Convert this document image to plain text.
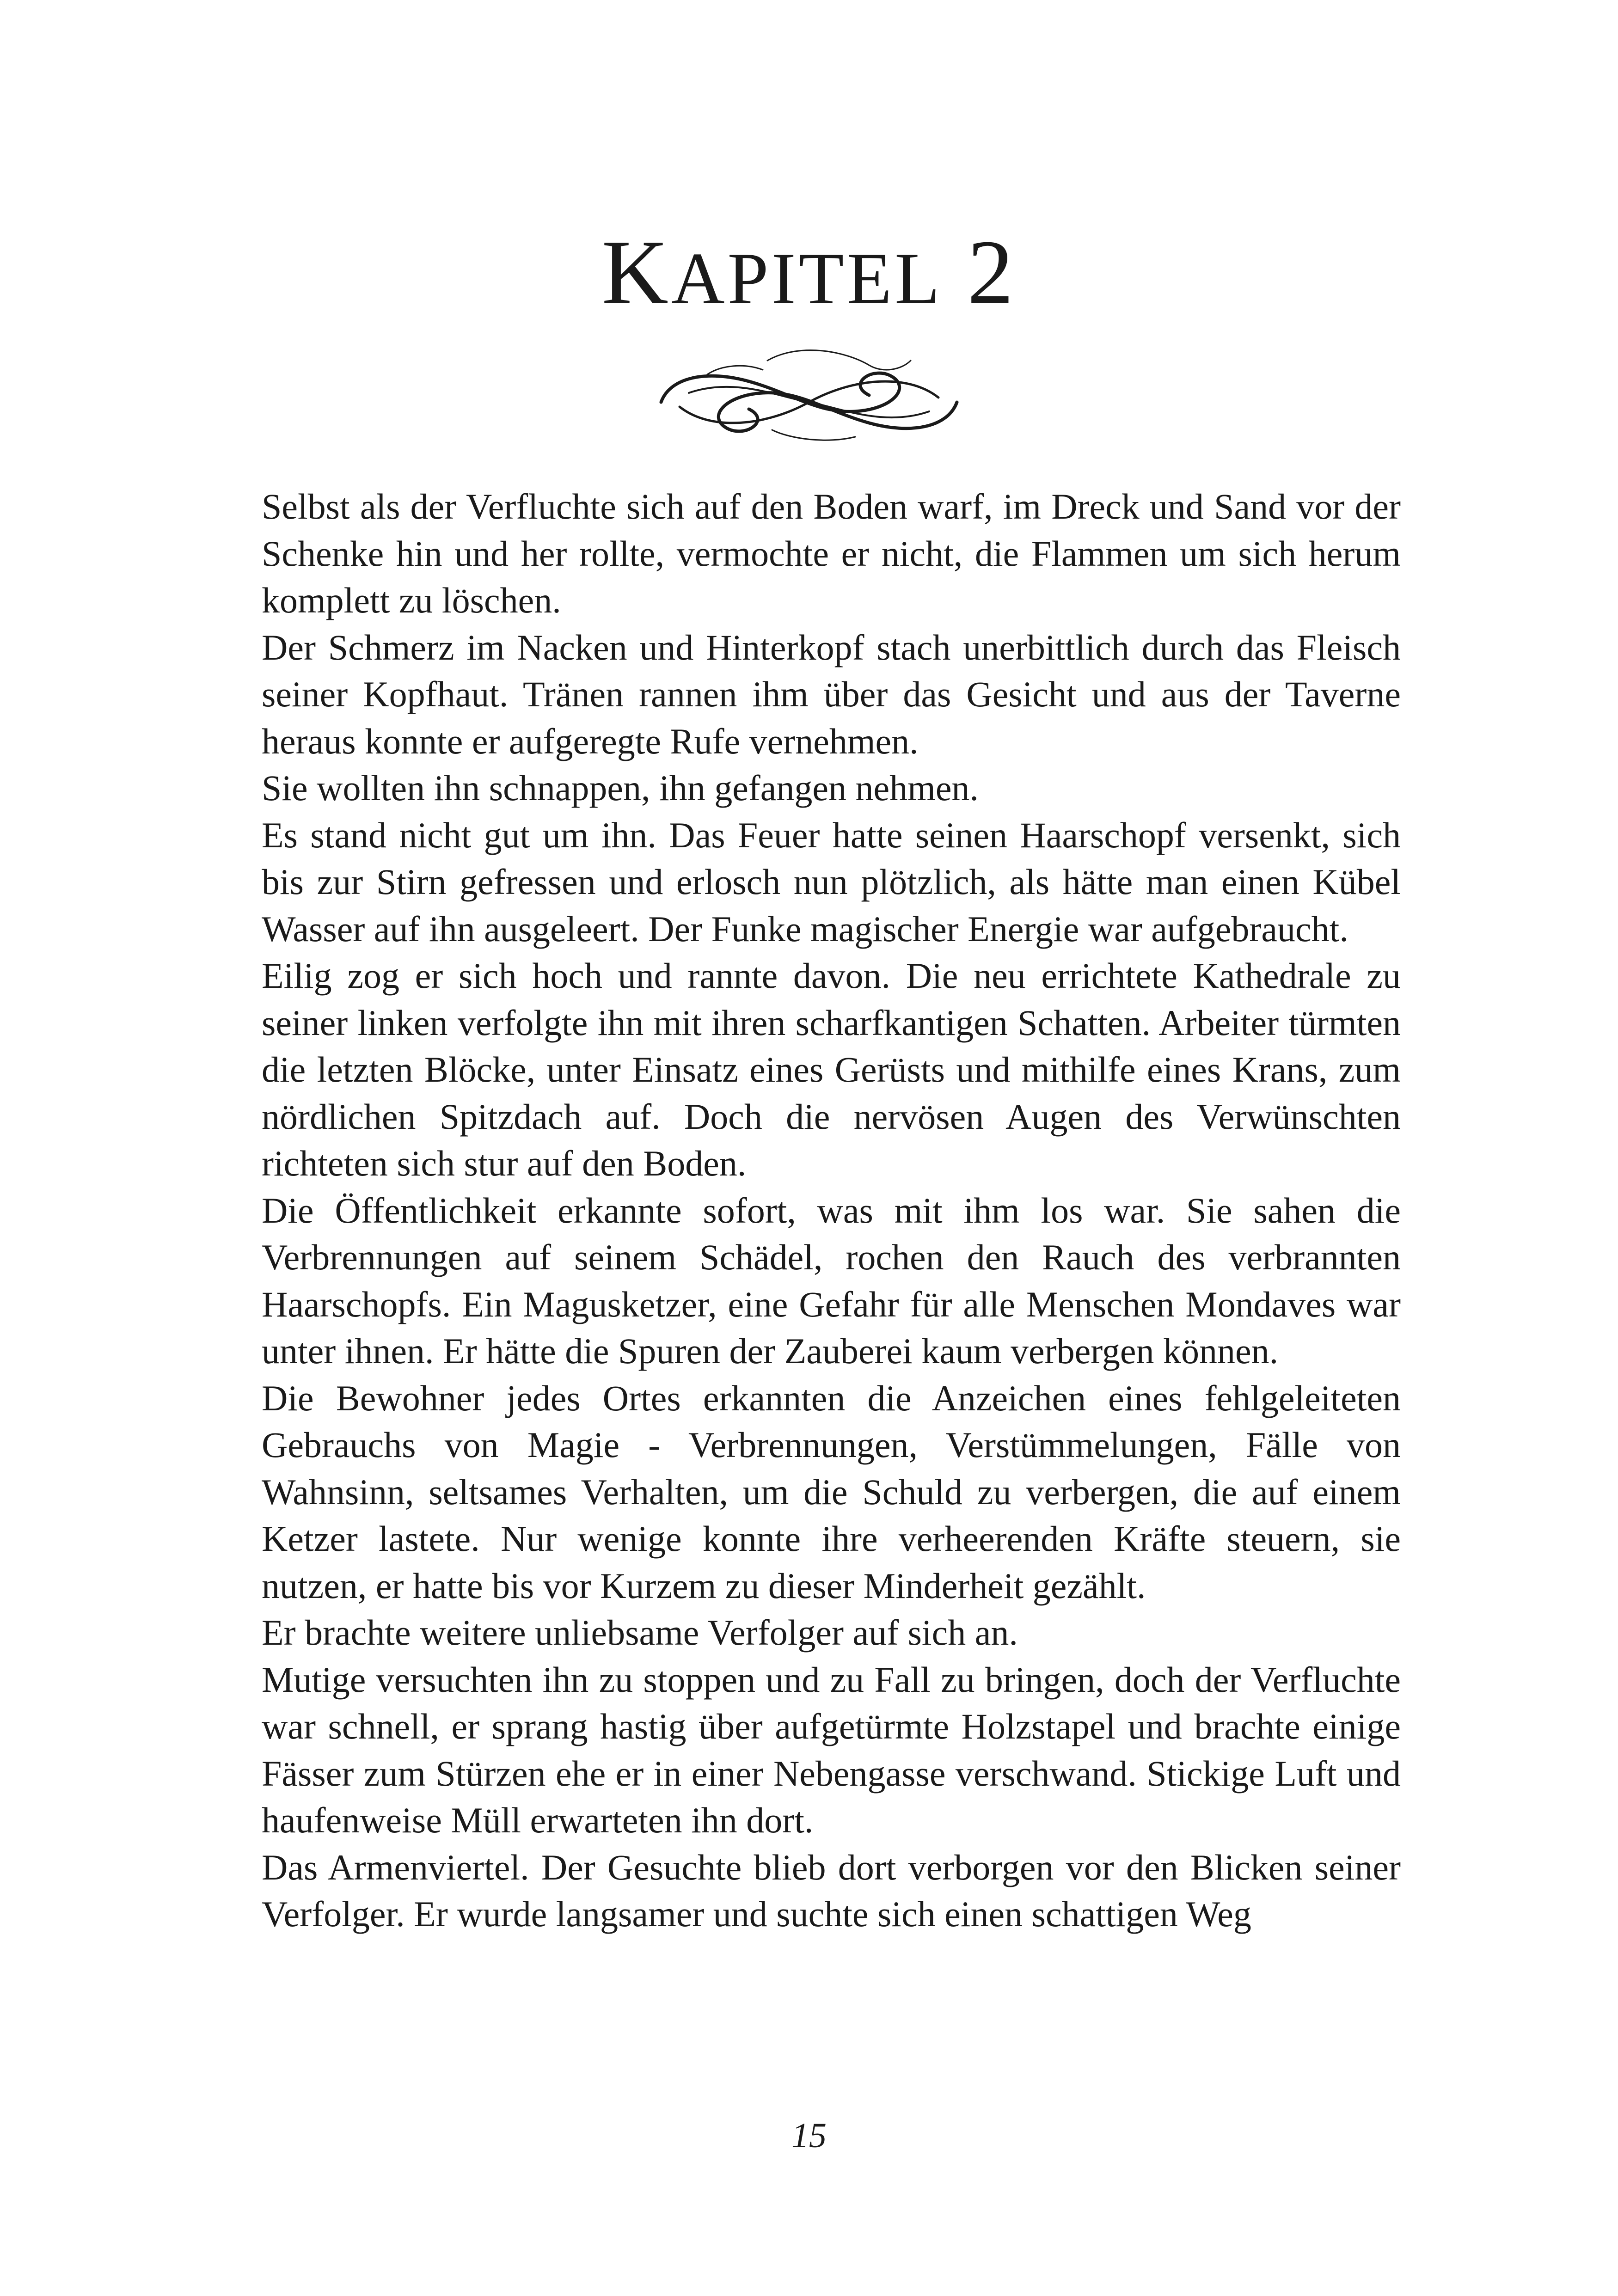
KAPITEL 2

Selbst als der Verfluchte sich auf den Boden warf, im Dreck und Sand vor der Schenke hin und her rollte, vermochte er nicht, die Flammen um sich herum komplett zu löschen.

Der Schmerz im Nacken und Hinterkopf stach unerbittlich durch das Fleisch seiner Kopfhaut. Tränen rannen ihm über das Gesicht und aus der Taverne heraus konnte er aufgeregte Rufe vernehmen.

Sie wollten ihn schnappen, ihn gefangen nehmen.

Es stand nicht gut um ihn. Das Feuer hatte seinen Haarschopf versenkt, sich bis zur Stirn gefressen und erlosch nun plötzlich, als hätte man einen Kübel Wasser auf ihn ausgeleert. Der Funke magischer Energie war aufgebraucht.

Eilig zog er sich hoch und rannte davon. Die neu errichtete Kathedrale zu seiner linken verfolgte ihn mit ihren scharfkantigen Schatten. Arbeiter türmten die letzten Blöcke, unter Einsatz eines Gerüsts und mithilfe eines Krans, zum nördlichen Spitzdach auf. Doch die nervösen Augen des Verwünschten richteten sich stur auf den Boden.

Die Öffentlichkeit erkannte sofort, was mit ihm los war. Sie sahen die Verbrennungen auf seinem Schädel, rochen den Rauch des verbrannten Haarschopfs. Ein Magusketzer, eine Gefahr für alle Menschen Mondaves war unter ihnen. Er hätte die Spuren der Zauberei kaum verbergen können.

Die Bewohner jedes Ortes erkannten die Anzeichen eines fehlgeleiteten Gebrauchs von Magie - Verbrennungen, Verstümmelungen, Fälle von Wahnsinn, seltsames Verhalten, um die Schuld zu verbergen, die auf einem Ketzer lastete. Nur wenige konnte ihre verheerenden Kräfte steuern, sie nutzen, er hatte bis vor Kurzem zu dieser Minderheit gezählt.

Er brachte weitere unliebsame Verfolger auf sich an.

Mutige versuchten ihn zu stoppen und zu Fall zu bringen, doch der Verfluchte war schnell, er sprang hastig über aufgetürmte Holzstapel und brachte einige Fässer zum Stürzen ehe er in einer Nebengasse verschwand. Stickige Luft und haufenweise Müll erwarteten ihn dort.

Das Armenviertel. Der Gesuchte blieb dort verborgen vor den Blicken seiner Verfolger. Er wurde langsamer und suchte sich einen schattigen Weg

15
